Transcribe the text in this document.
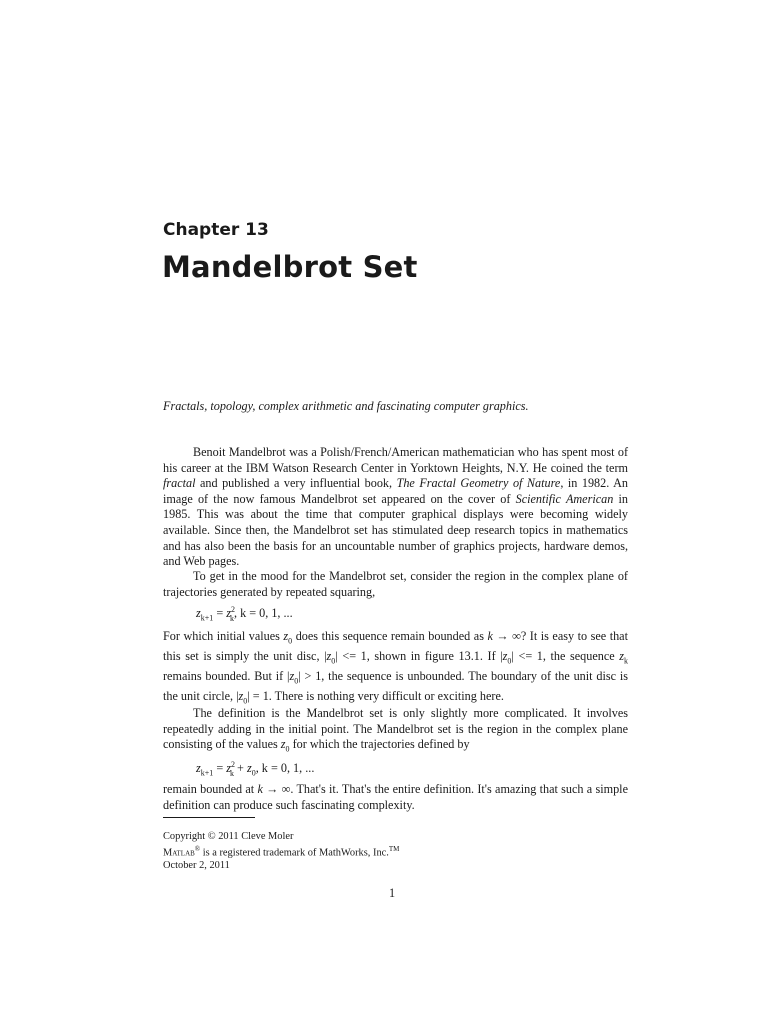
Chapter 13
Mandelbrot Set
Fractals, topology, complex arithmetic and fascinating computer graphics.

Benoit Mandelbrot was a Polish/French/American mathematician who has spent most of his career at the IBM Watson Research Center in Yorktown Heights, N.Y. He coined the term fractal and published a very influential book, The Fractal Geometry of Nature, in 1982. An image of the now famous Mandelbrot set appeared on the cover of Scientific American in 1985. This was about the time that computer graphical displays were becoming widely available. Since then, the Mandelbrot set has stimulated deep research topics in mathematics and has also been the basis for an uncountable number of graphics projects, hardware demos, and Web pages.

To get in the mood for the Mandelbrot set, consider the region in the complex plane of trajectories generated by repeated squaring,

$z_{k+1} = z^2_k$, k = 0, 1, ...

For which initial values $z_0$ does this sequence remain bounded as k → ∞? It is easy to see that this set is simply the unit disc, $|z_0| <= 1$, shown in figure 13.1. If $|z_0| <= 1$, the sequence $z_k$ remains bounded. But if $|z_0| > 1$, the sequence is unbounded. The boundary of the unit disc is the unit circle, $|z_0| = 1$. There is nothing very difficult or exciting here.

The definition is the Mandelbrot set is only slightly more complicated. It involves repeatedly adding in the initial point. The Mandelbrot set is the region in the complex plane consisting of the values $z_0$ for which the trajectories defined by

$z_{k+1} = z^2_k + z_0$, k = 0, 1, ...

remain bounded at k → ∞. That's it. That's the entire definition. It's amazing that such a simple definition can produce such fascinating complexity.

Copyright © 2011 Cleve Moler
Matlab® is a registered trademark of MathWorks, Inc.™
October 2, 2011
1
